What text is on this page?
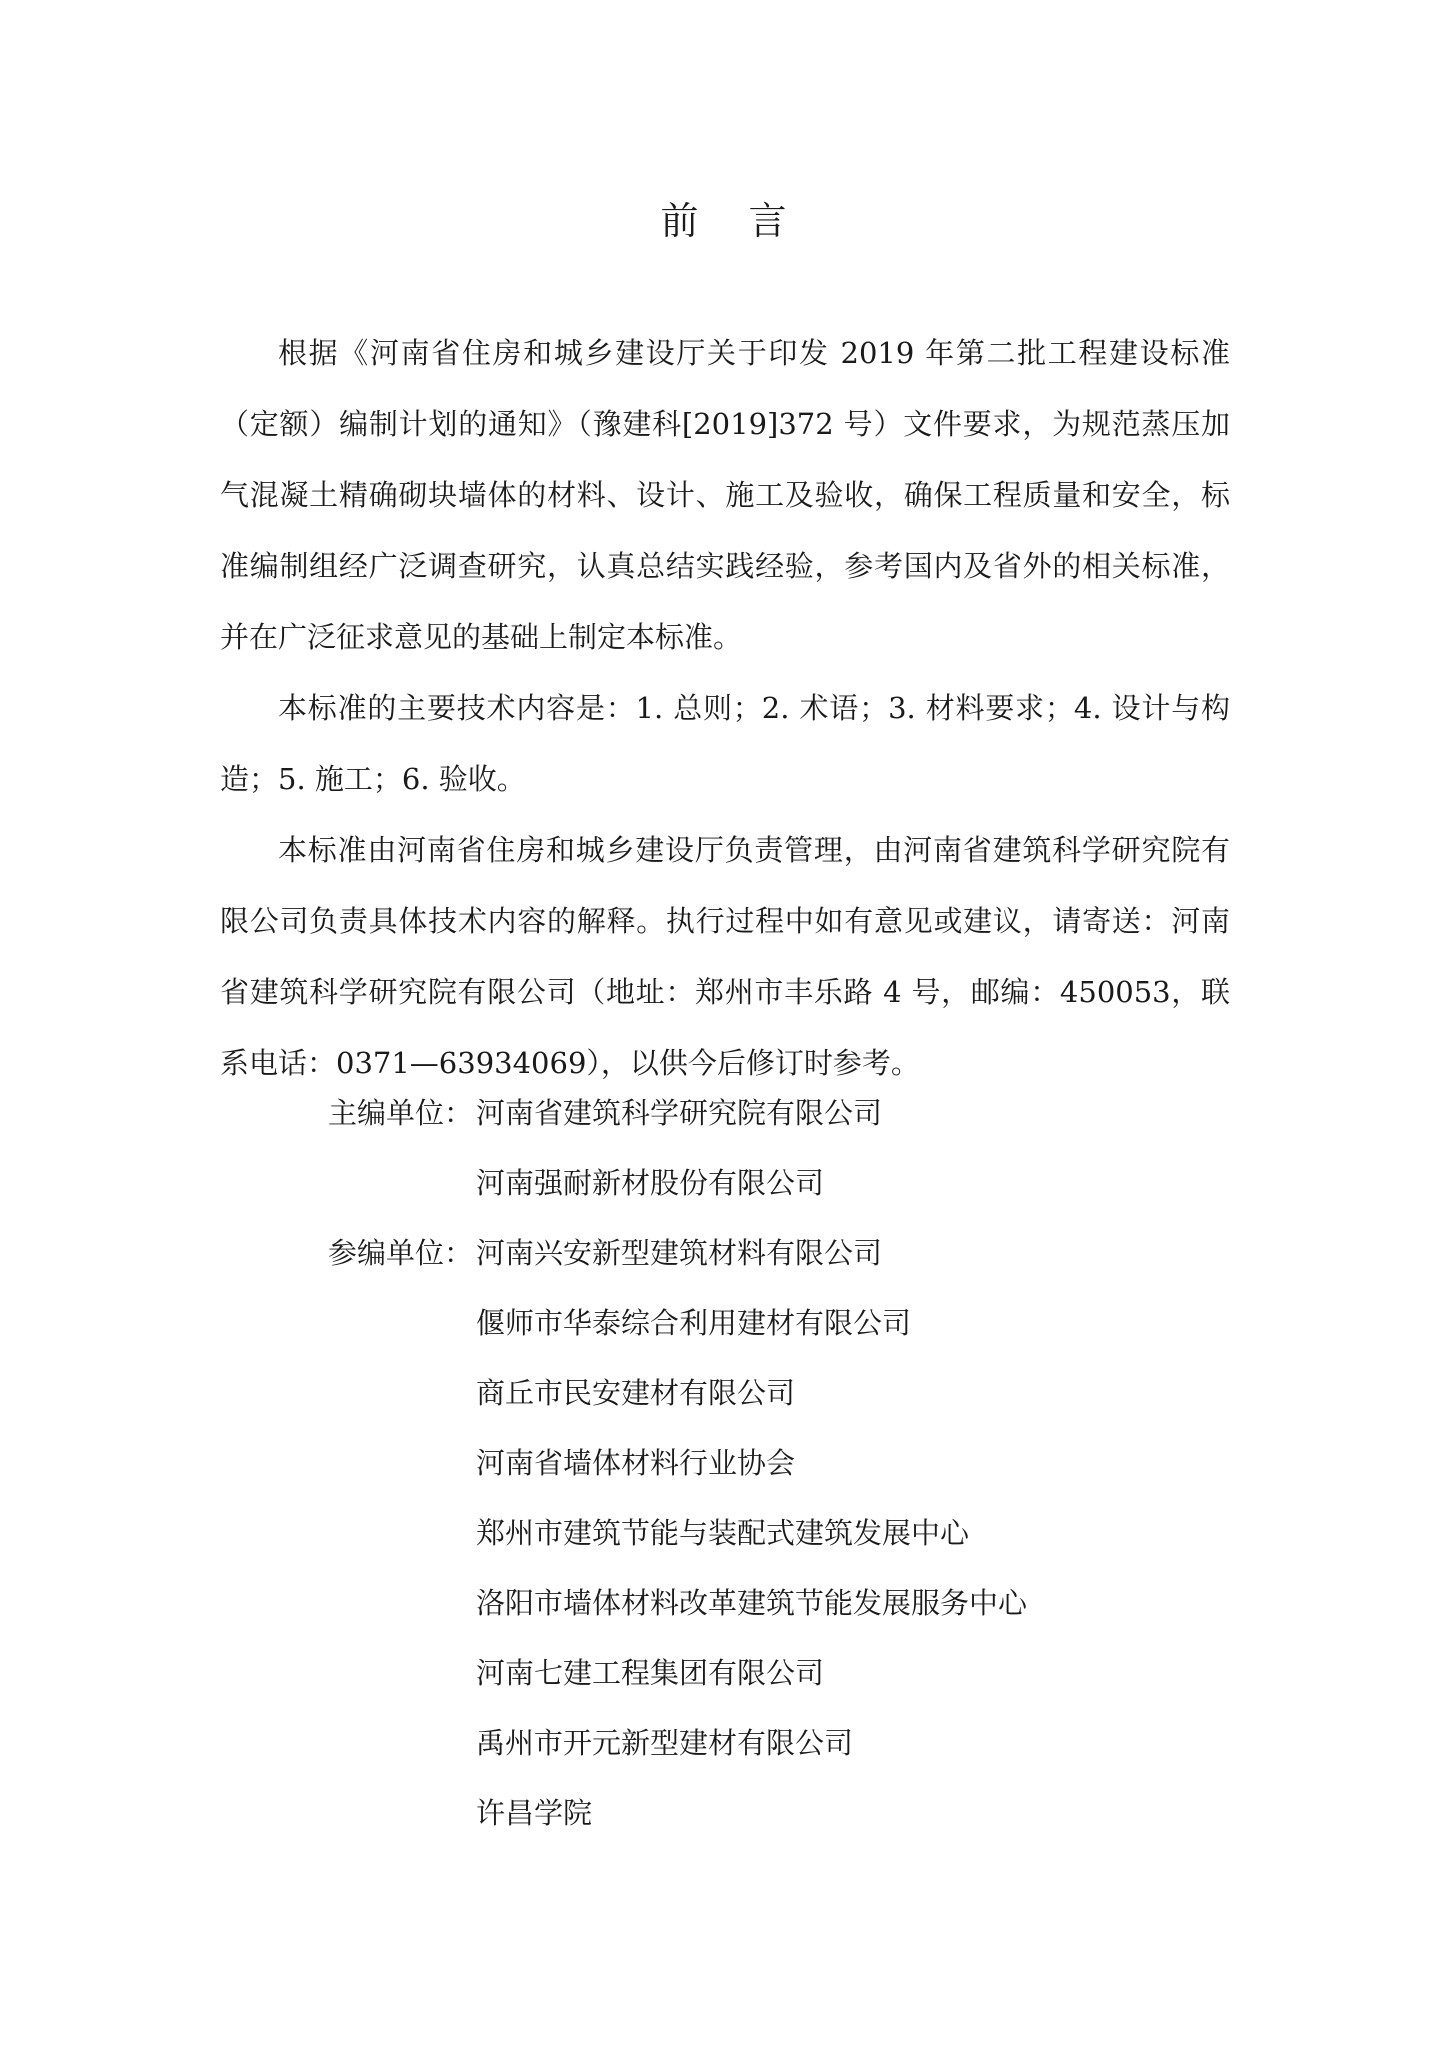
前言

根据《河南省住房和城乡建设厅关于印发 2019 年第二批工程建设标准（定额）编制计划的通知》（豫建科[2019]372 号）文件要求，为规范蒸压加气混凝土精确砌块墙体的材料、设计、施工及验收，确保工程质量和安全，标准编制组经广泛调查研究，认真总结实践经验，参考国内及省外的相关标准，并在广泛征求意见的基础上制定本标准。

本标准的主要技术内容是：1. 总则；2. 术语；3. 材料要求；4. 设计与构造；5. 施工；6. 验收。

本标准由河南省住房和城乡建设厅负责管理，由河南省建筑科学研究院有限公司负责具体技术内容的解释。执行过程中如有意见或建议，请寄送：河南省建筑科学研究院有限公司（地址：郑州市丰乐路 4 号，邮编：450053，联系电话：0371—63934069），以供今后修订时参考。

主编单位： 河南省建筑科学研究院有限公司
河南强耐新材股份有限公司
参编单位： 河南兴安新型建筑材料有限公司
偃师市华泰综合利用建材有限公司
商丘市民安建材有限公司
河南省墙体材料行业协会
郑州市建筑节能与装配式建筑发展中心
洛阳市墙体材料改革建筑节能发展服务中心
河南七建工程集团有限公司
禹州市开元新型建材有限公司
许昌学院
